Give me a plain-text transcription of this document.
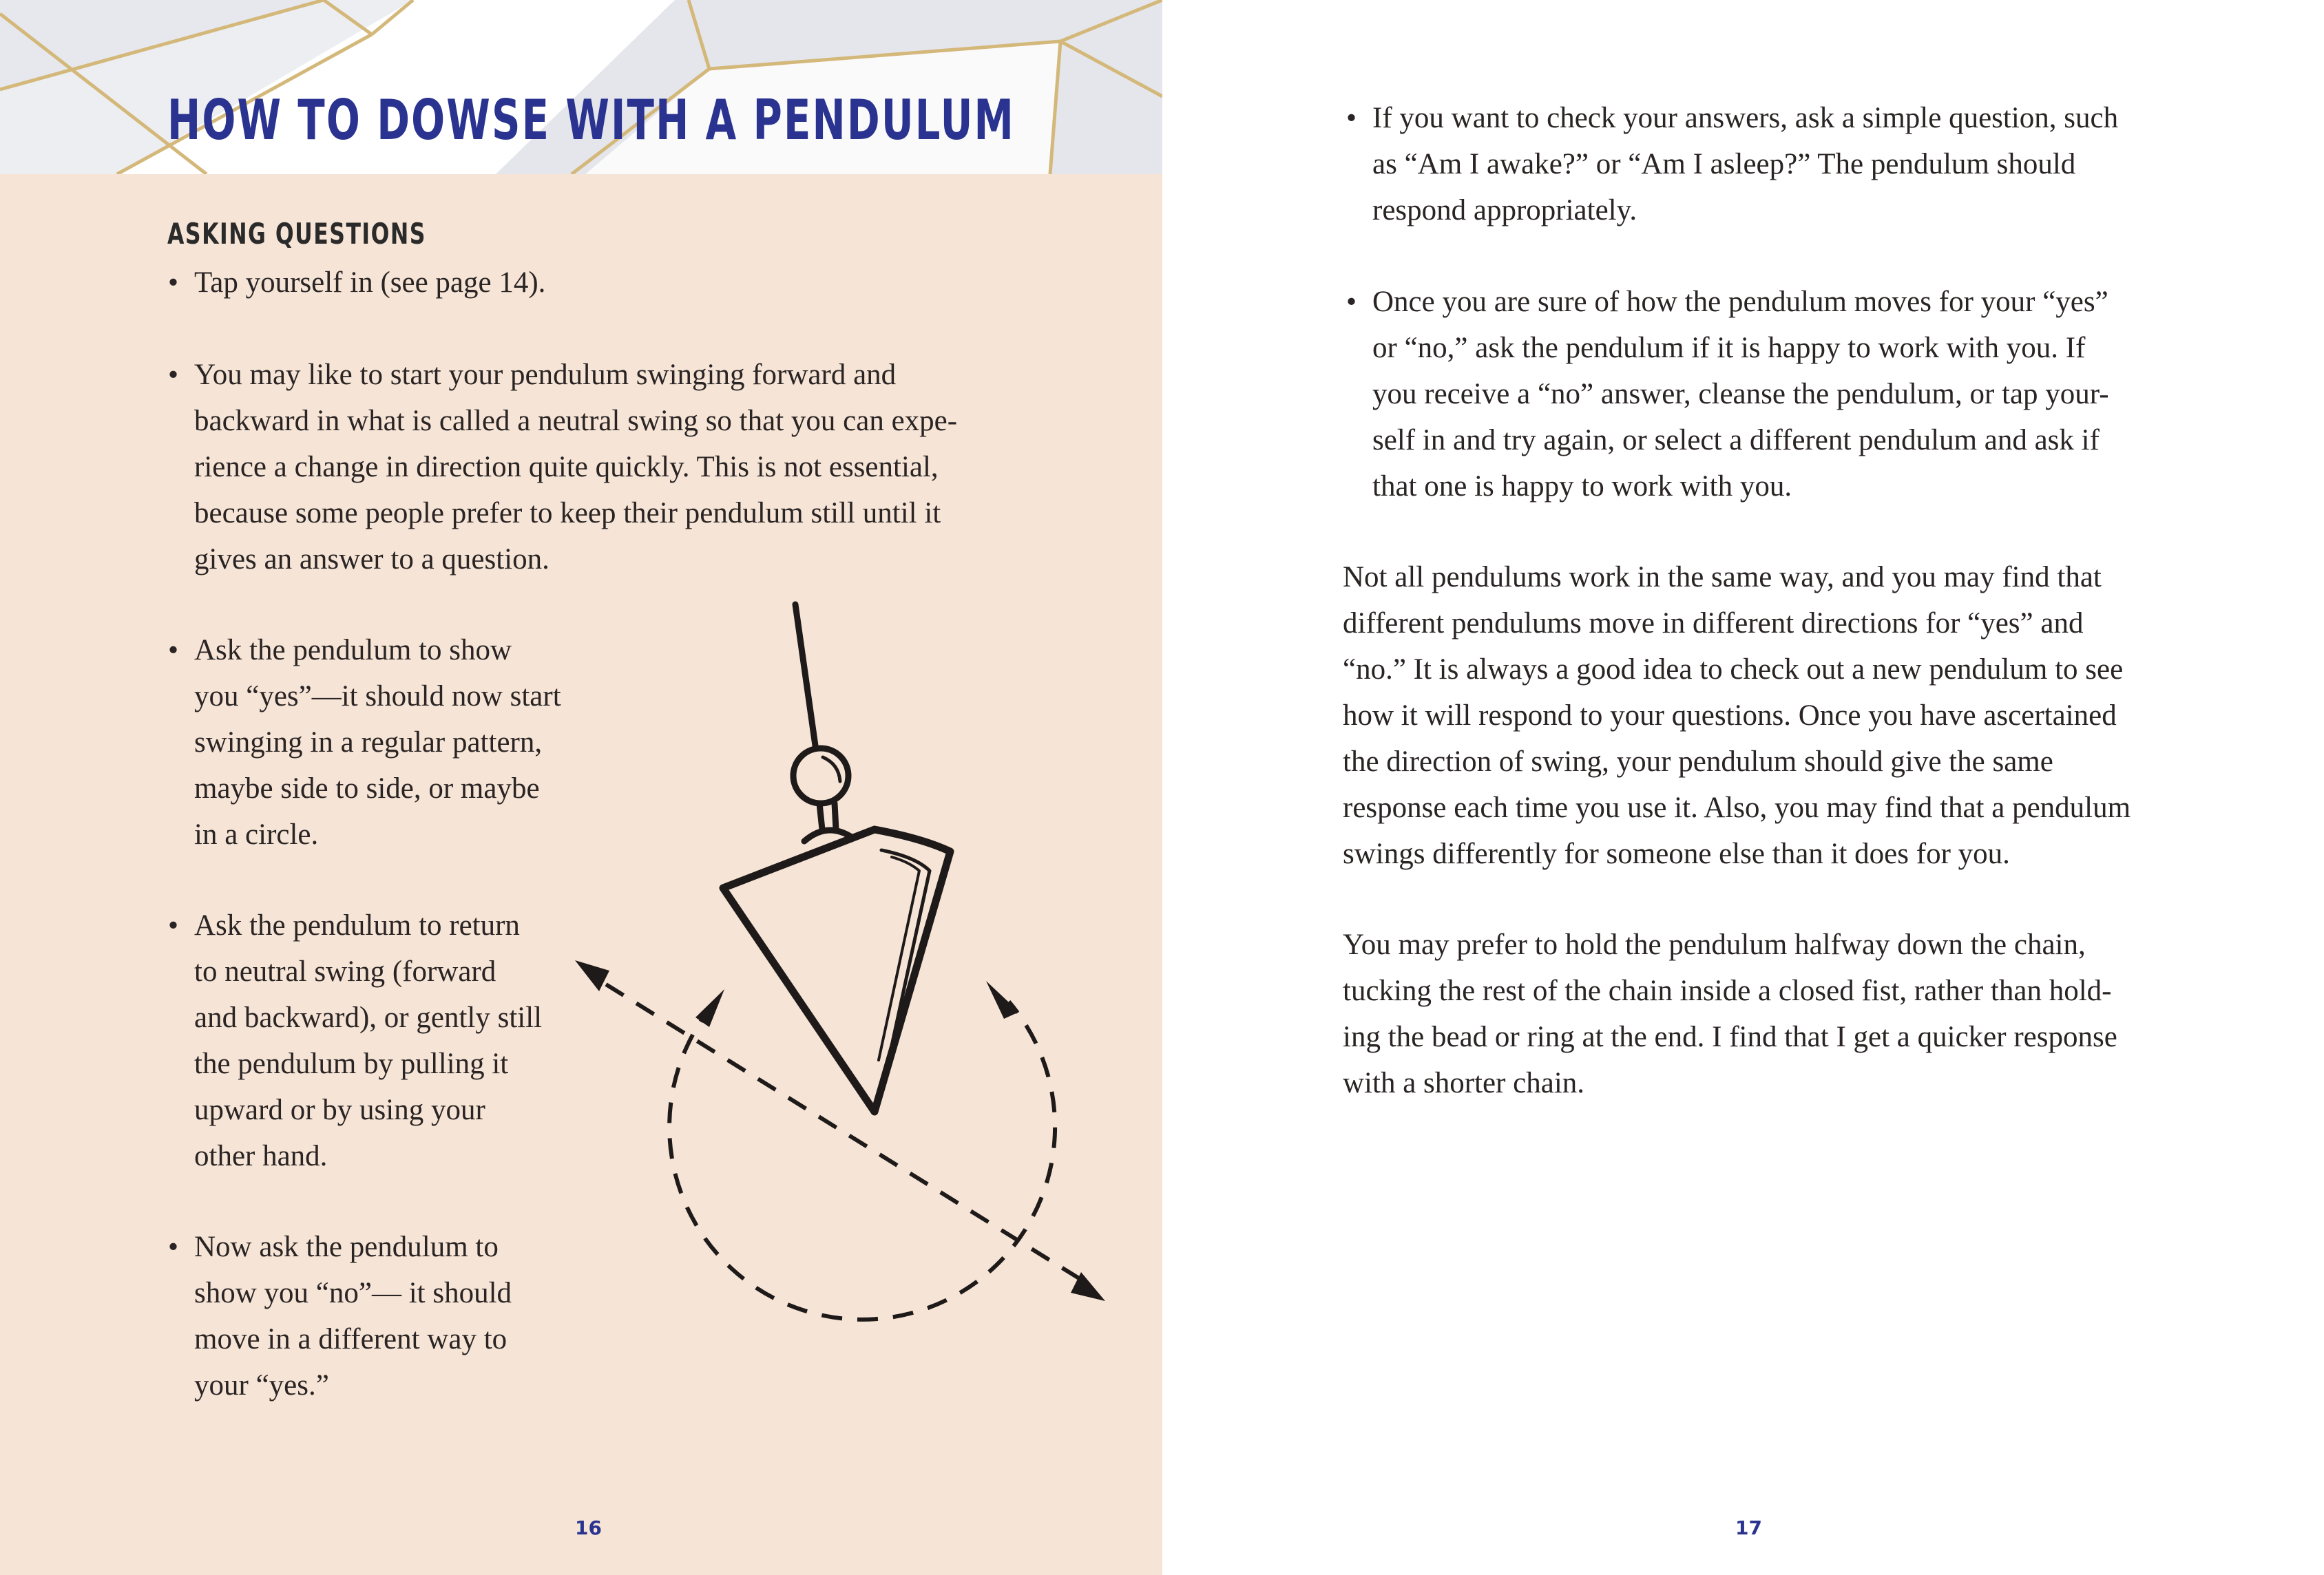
HOW TO DOWSE WITH A PENDULUM
ASKING QUESTIONS
• Tap yourself in (see page 14).
• You may like to start your pendulum swinging forward and
backward in what is called a neutral swing so that you can expe-
rience a change in direction quite quickly. This is not essential,
because some people prefer to keep their pendulum still until it
gives an answer to a question.
• Ask the pendulum to show
you “yes”—it should now start
swinging in a regular pattern,
maybe side to side, or maybe
in a circle.
• Ask the pendulum to return
to neutral swing (forward
and backward), or gently still
the pendulum by pulling it
upward or by using your
other hand.
• Now ask the pendulum to
show you “no”— it should
move in a different way to
your “yes.”
16
• If you want to check your answers, ask a simple question, such
as “Am I awake?” or “Am I asleep?” The pendulum should
respond appropriately.
• Once you are sure of how the pendulum moves for your “yes”
or “no,” ask the pendulum if it is happy to work with you. If
you receive a “no” answer, cleanse the pendulum, or tap your-
self in and try again, or select a different pendulum and ask if
that one is happy to work with you.
Not all pendulums work in the same way, and you may find that
different pendulums move in different directions for “yes” and
“no.” It is always a good idea to check out a new pendulum to see
how it will respond to your questions. Once you have ascertained
the direction of swing, your pendulum should give the same
response each time you use it. Also, you may find that a pendulum
swings differently for someone else than it does for you.
You may prefer to hold the pendulum halfway down the chain,
tucking the rest of the chain inside a closed fist, rather than hold-
ing the bead or ring at the end. I find that I get a quicker response
with a shorter chain.
17
